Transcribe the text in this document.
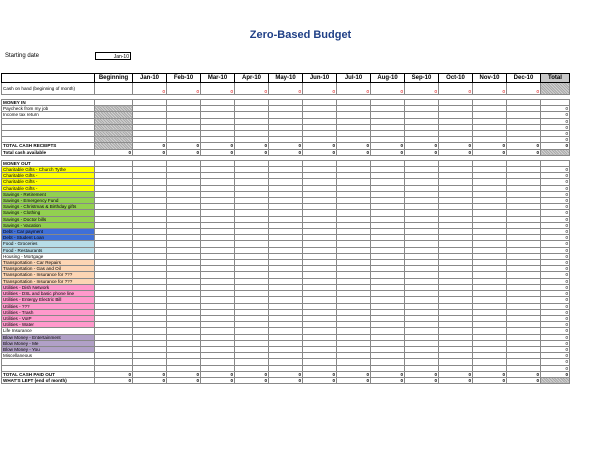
Zero-Based Budget
Starting date	Jan-10
	Beginning	Jan-10	Feb-10	Mar-10	Apr-10	May-10	Jun-10	Jul-10	Aug-10	Sep-10	Oct-10	Nov-10	Dec-10	Total
Cash on hand (beginning of month)		0	0	0	0	0	0	0	0	0	0	0	0	

MONEY IN														
Paycheck from my job														0
Income tax return														0
														0
														0
														0
														0
TOTAL CASH RECEIPTS		0	0	0	0	0	0	0	0	0	0	0	0	0
Total cash available	0	0	0	0	0	0	0	0	0	0	0	0	0	

MONEY OUT														
Charitable Gifts - Church Tythe														0
Charitable Gifts -														0
Charitable Gifts -														0
Charitable Gifts -														0
Savings - Retirement														0
Savings - Emergency Fund														0
Savings - Christmas & Birthday gifts														0
Savings - Clothing														0
Savings - Doctor bills														0
Savings - Vacation														0
Debt - Car payment														0
Debt - Student Loan														0
Food - Groceries														0
Food - Restaurants														0
Housing - Mortgage														0
Transportation - Car Repairs														0
Transportation - Gas and Oil														0
Transportation - Insurance for ???														0
Transportation - Insurance for ???														0
Utilities - Dish Network														0
Utilities - DSL and basic phone line														0
Utilities - Entergy Electric Bill														0
Utilities - ???														0
Utilities - Trash														0
Utilities - VoIP														0
Utilities - Water														0
Life Insurance														0
Blow Money - Entertainment														0
Blow Money - Me														0
Blow Money - You														0
Miscellaneous														0
														0
														0
TOTAL CASH PAID OUT	0	0	0	0	0	0	0	0	0	0	0	0	0	0
WHAT'S LEFT (end of month)	0	0	0	0	0	0	0	0	0	0	0	0	0	
